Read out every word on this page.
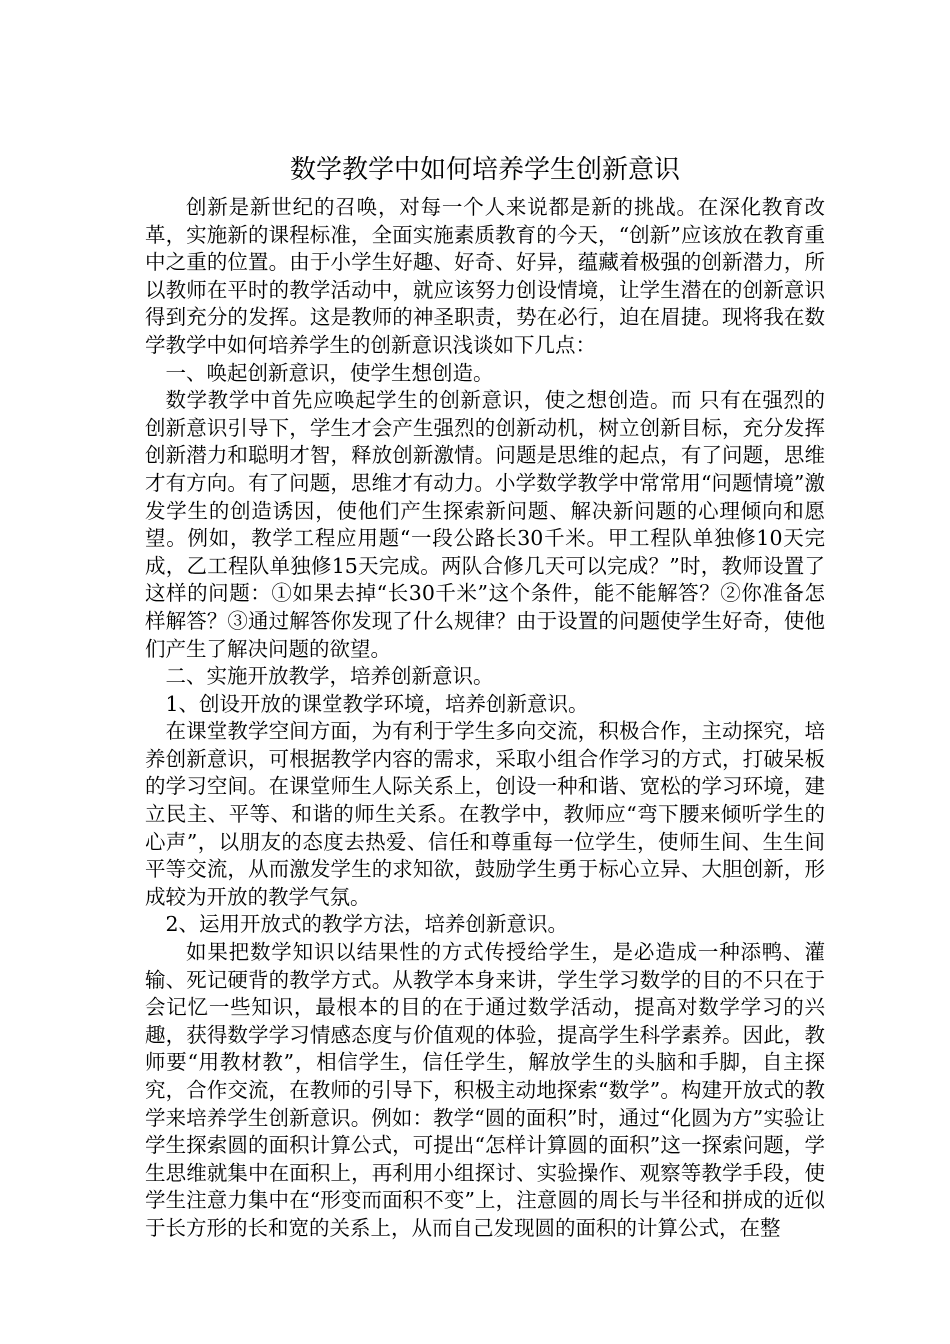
数学教学中如何培养学生创新意识

创新是新世纪的召唤，对每一个人来说都是新的挑战。在深化教育改革，实施新的课程标准，全面实施素质教育的今天，“创新”应该放在教育重中之重的位置。由于小学生好趣、好奇、好异，蕴藏着极强的创新潜力，所以教师在平时的教学活动中，就应该努力创设情境，让学生潜在的创新意识得到充分的发挥。这是教师的神圣职责，势在必行，迫在眉捷。现将我在数学教学中如何培养学生的创新意识浅谈如下几点：

一、唤起创新意识，使学生想创造。

数学教学中首先应唤起学生的创新意识，使之想创造。而 只有在强烈的创新意识引导下，学生才会产生强烈的创新动机，树立创新目标，充分发挥创新潜力和聪明才智，释放创新激情。问题是思维的起点，有了问题，思维才有方向。有了问题，思维才有动力。小学数学教学中常常用“问题情境”激发学生的创造诱因，使他们产生探索新问题、解决新问题的心理倾向和愿望。例如，教学工程应用题“一段公路长30千米。甲工程队单独修10天完成，乙工程队单独修15天完成。两队合修几天可以完成？”时，教师设置了这样的问题：①如果去掉“长30千米”这个条件，能不能解答？②你准备怎样解答？③通过解答你发现了什么规律？由于设置的问题使学生好奇，使他们产生了解决问题的欲望。

二、实施开放教学，培养创新意识。

1、创设开放的课堂教学环境，培养创新意识。

在课堂教学空间方面，为有利于学生多向交流，积极合作，主动探究，培养创新意识，可根据教学内容的需求，采取小组合作学习的方式，打破呆板的学习空间。在课堂师生人际关系上，创设一种和谐、宽松的学习环境，建立民主、平等、和谐的师生关系。在教学中，教师应“弯下腰来倾听学生的心声”，以朋友的态度去热爱、信任和尊重每一位学生，使师生间、生生间平等交流，从而激发学生的求知欲，鼓励学生勇于标心立异、大胆创新，形成较为开放的教学气氛。

2、运用开放式的教学方法，培养创新意识。

如果把数学知识以结果性的方式传授给学生，是必造成一种添鸭、灌输、死记硬背的教学方式。从教学本身来讲，学生学习数学的目的不只在于会记忆一些知识，最根本的目的在于通过数学活动，提高对数学学习的兴趣，获得数学学习情感态度与价值观的体验，提高学生科学素养。因此，教师要“用教材教”，相信学生，信任学生，解放学生的头脑和手脚，自主探究，合作交流，在教师的引导下，积极主动地探索“数学”。构建开放式的教学来培养学生创新意识。例如：教学“圆的面积”时，通过“化圆为方”实验让学生探索圆的面积计算公式，可提出“怎样计算圆的面积”这一探索问题，学生思维就集中在面积上，再利用小组探讨、实验操作、观察等教学手段，使学生注意力集中在“形变而面积不变”上，注意圆的周长与半径和拼成的近似于长方形的长和宽的关系上，从而自己发现圆的面积的计算公式，在整
